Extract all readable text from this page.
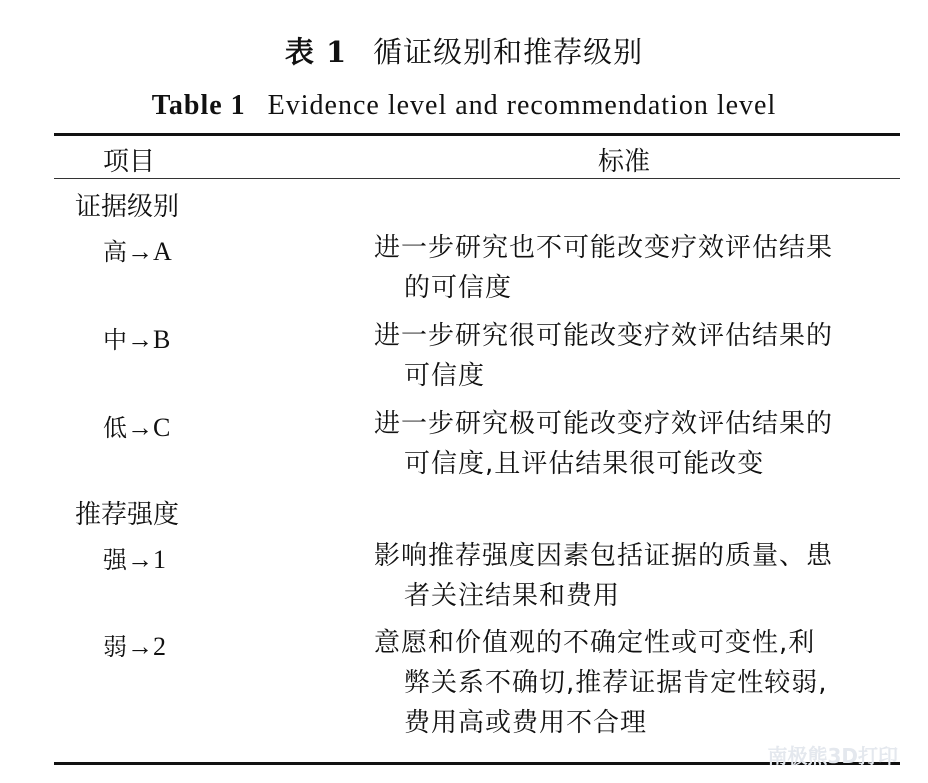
表 1 循证级别和推荐级别
Table 1 Evidence level and recommendation level
项目	标准
证据级别
高→A	进一步研究也不可能改变疗效评估结果
的可信度
中→B	进一步研究很可能改变疗效评估结果的
可信度
低→C	进一步研究极可能改变疗效评估结果的
可信度,且评估结果很可能改变
推荐强度
强→1	影响推荐强度因素包括证据的质量、患
者关注结果和费用
弱→2	意愿和价值观的不确定性或可变性,利
弊关系不确切,推荐证据肯定性较弱,
费用高或费用不合理
南极熊3D打印
